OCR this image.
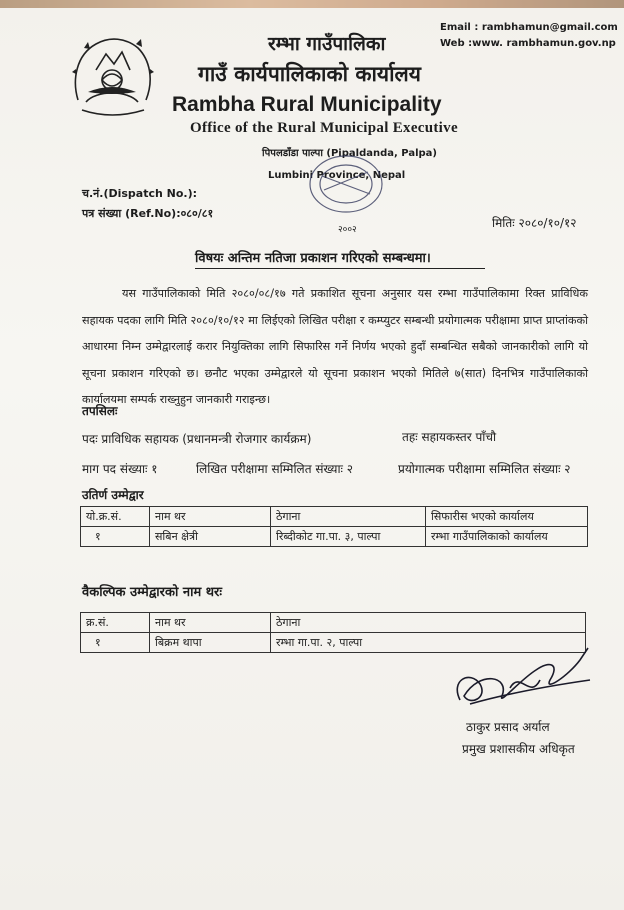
Email : rambhamun@gmail.com
Web :www. rambhamun.gov.np
रम्भा गाउँपालिका
गाउँ कार्यपालिकाको कार्यालय
Rambha Rural Municipality
Office of the Rural Municipal Executive
पिपलडाँडा पाल्पा (Pipaldanda, Palpa)
Lumbini Province, Nepal
२००२
च.नं.(Dispatch No.):
पत्र संख्या (Ref.No):०८०/८१
मितिः २०८०/१०/१२
विषयः अन्तिम नतिजा प्रकाशन गरिएको सम्बन्धमा।
यस गाउँपालिकाको मिति २०८०/०८/१७ गते प्रकाशित सूचना अनुसार यस रम्भा गाउँपालिकामा रिक्त प्राविधिक सहायक पदका लागि मिति २०८०/१०/१२ मा लिईएको लिखित परीक्षा र कम्प्युटर सम्बन्धी प्रयोगात्मक परीक्षामा प्राप्त प्राप्तांकको आधारमा निम्न उम्मेद्वारलाई करार नियुक्तिका लागि सिफारिस गर्ने निर्णय भएको हुदाँ सम्बन्धित सबैको जानकारीको लागि यो सूचना प्रकाशन गरिएको छ। छनौट भएका उम्मेद्वारले यो सूचना प्रकाशन भएको मितिले ७(सात) दिनभित्र गाउँपालिकाको कार्यालयमा सम्पर्क राख्नुहुन जानकारी गराइन्छ।
तपसिलः
पदः प्राविधिक सहायक (प्रधानमन्त्री रोजगार कार्यक्रम)	तहः सहायकस्तर पाँचौ
माग पद संख्याः १	लिखित परीक्षामा सम्मिलित संख्याः २	प्रयोगात्मक परीक्षामा सम्मिलित संख्याः २
उतिर्ण उम्मेद्वार
यो.क्र.सं.	नाम थर	ठेगाना	सिफारीस भएको कार्यालय
१	सबिन क्षेत्री	रिब्दीकोट गा.पा. ३, पाल्पा	रम्भा गाउँपालिकाको कार्यालय
वैकल्पिक उम्मेद्वारको नाम थरः
क्र.सं.	नाम थर	ठेगाना
१	बिक्रम थापा	रम्भा गा.पा. २, पाल्पा
ठाकुर प्रसाद अर्याल
प्रमुख प्रशासकीय अधिकृत
